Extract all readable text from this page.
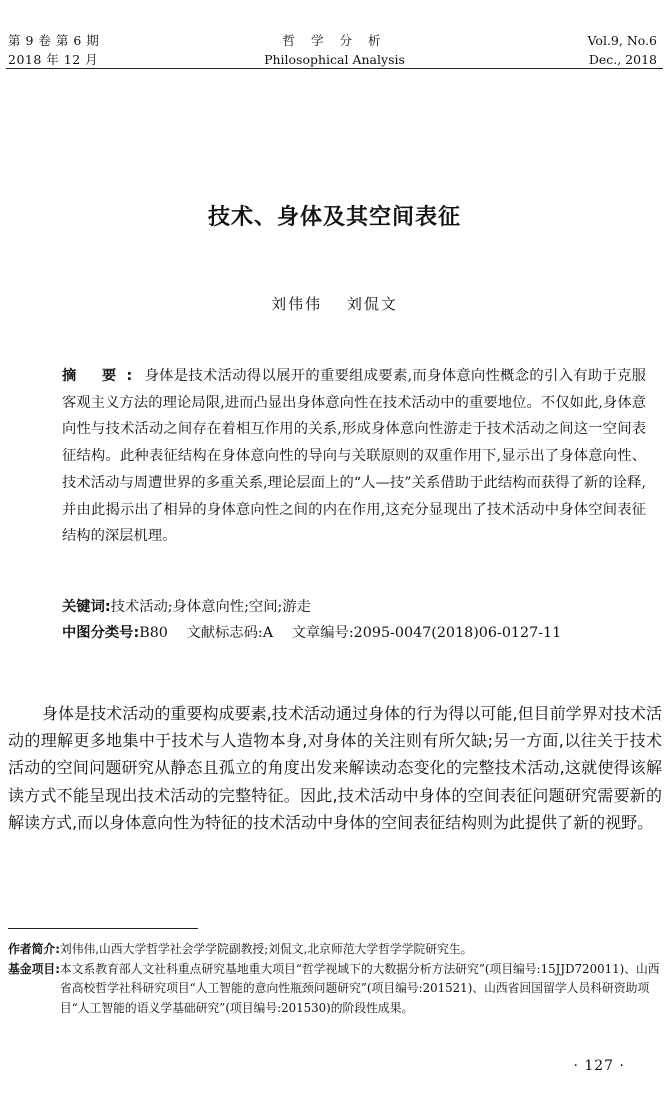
第 9 卷 第 6 期
2018 年 12 月
哲 学 分 析
Philosophical Analysis
Vol.9, No.6
Dec., 2018
技术、身体及其空间表征
刘伟伟 刘侃文

摘 要: 身体是技术活动得以展开的重要组成要素,而身体意向性概念的引入有助于克服客观主义方法的理论局限,进而凸显出身体意向性在技术活动中的重要地位。不仅如此,身体意向性与技术活动之间存在着相互作用的关系,形成身体意向性游走于技术活动之间这一空间表征结构。此种表征结构在身体意向性的导向与关联原则的双重作用下,显示出了身体意向性、技术活动与周遭世界的多重关系,理论层面上的“人—技”关系借助于此结构而获得了新的诠释,并由此揭示出了相异的身体意向性之间的内在作用,这充分显现出了技术活动中身体空间表征结构的深层机理。

关键词:技术活动;身体意向性;空间;游走
中图分类号:B80 文献标志码:A 文章编号:2095-0047(2018)06-0127-11

身体是技术活动的重要构成要素,技术活动通过身体的行为得以可能,但目前学界对技术活动的理解更多地集中于技术与人造物本身,对身体的关注则有所欠缺;另一方面,以往关于技术活动的空间问题研究从静态且孤立的角度出发来解读动态变化的完整技术活动,这就使得该解读方式不能呈现出技术活动的完整特征。因此,技术活动中身体的空间表征问题研究需要新的解读方式,而以身体意向性为特征的技术活动中身体的空间表征结构则为此提供了新的视野。

作者简介: 刘伟伟,山西大学哲学社会学学院副教授;刘侃文,北京师范大学哲学学院研究生。
基金项目: 本文系教育部人文社科重点研究基地重大项目“哲学视域下的大数据分析方法研究”(项目编号:15JJD720011)、山西省高校哲学社科研究项目“人工智能的意向性瓶颈问题研究”(项目编号:201521)、山西省回国留学人员科研资助项目“人工智能的语义学基础研究”(项目编号:201530)的阶段性成果。
· 127 ·
